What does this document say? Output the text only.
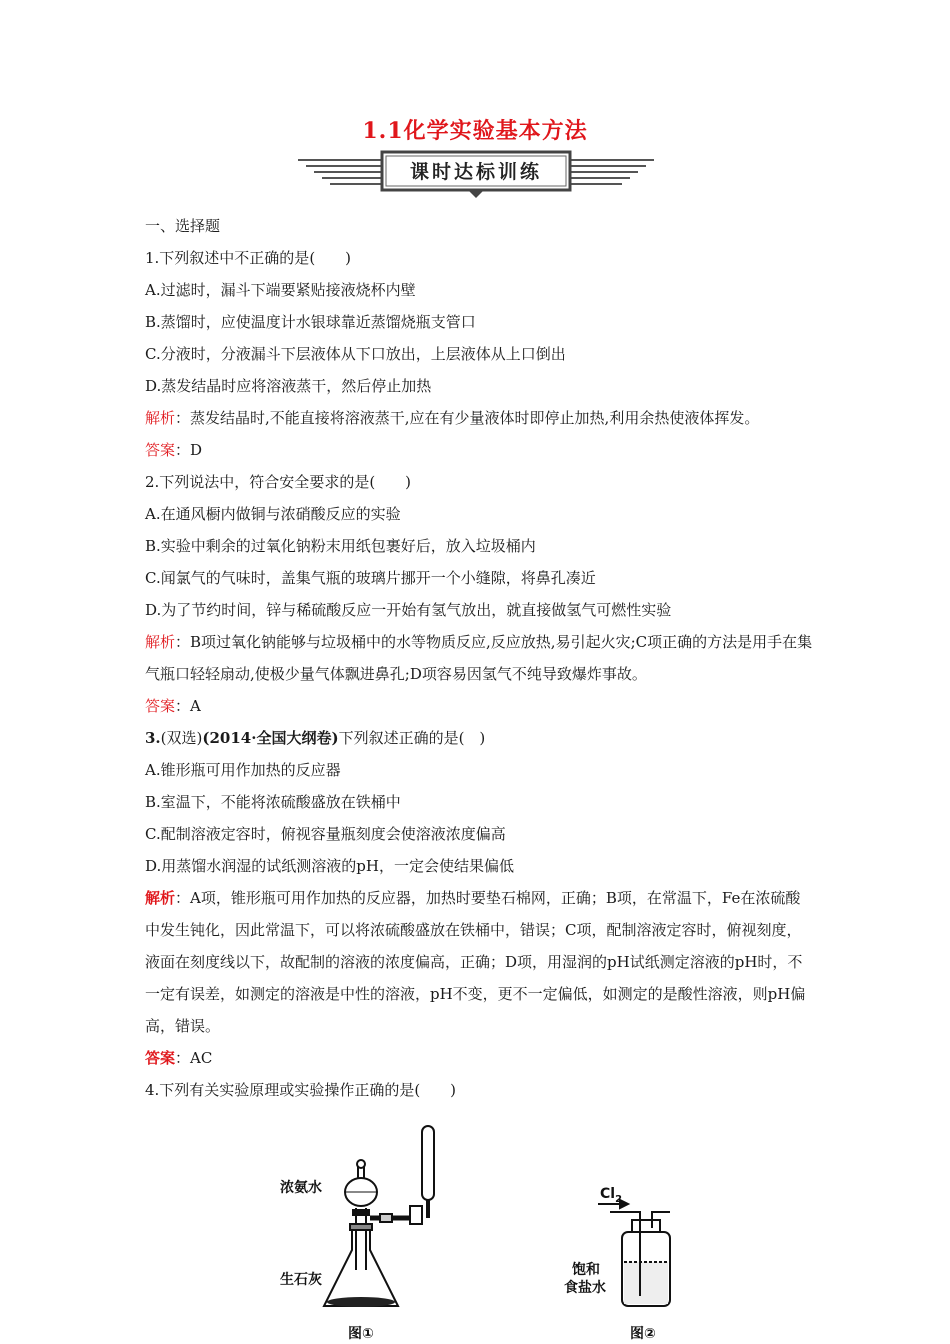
1.1化学实验基本方法
课时达标训练
一、选择题
1.下列叙述中不正确的是(　　)
A.过滤时，漏斗下端要紧贴接液烧杯内壁
B.蒸馏时，应使温度计水银球靠近蒸馏烧瓶支管口
C.分液时，分液漏斗下层液体从下口放出，上层液体从上口倒出
D.蒸发结晶时应将溶液蒸干，然后停止加热
解析：蒸发结晶时,不能直接将溶液蒸干,应在有少量液体时即停止加热,利用余热使液体挥发。
答案：D
2.下列说法中，符合安全要求的是(　　)
A.在通风橱内做铜与浓硝酸反应的实验
B.实验中剩余的过氧化钠粉末用纸包裹好后，放入垃圾桶内
C.闻氯气的气味时，盖集气瓶的玻璃片挪开一个小缝隙，将鼻孔凑近
D.为了节约时间，锌与稀硫酸反应一开始有氢气放出，就直接做氢气可燃性实验
解析：B项过氧化钠能够与垃圾桶中的水等物质反应,反应放热,易引起火灾;C项正确的方法是用手在集气瓶口轻轻扇动,使极少量气体飘进鼻孔;D项容易因氢气不纯导致爆炸事故。
答案：A
3.(双选)(2014·全国大纲卷)下列叙述正确的是(　)
A.锥形瓶可用作加热的反应器
B.室温下，不能将浓硫酸盛放在铁桶中
C.配制溶液定容时，俯视容量瓶刻度会使溶液浓度偏高
D.用蒸馏水润湿的试纸测溶液的pH，一定会使结果偏低
解析：A项，锥形瓶可用作加热的反应器，加热时要垫石棉网，正确；B项，在常温下，Fe在浓硫酸中发生钝化，因此常温下，可以将浓硫酸盛放在铁桶中，错误；C项，配制溶液定容时，俯视刻度，液面在刻度线以下，故配制的溶液的浓度偏高，正确；D项，用湿润的pH试纸测定溶液的pH时，不一定有误差，如测定的溶液是中性的溶液，pH不变，更不一定偏低，如测定的是酸性溶液，则pH偏高，错误。
答案：AC
4.下列有关实验原理或实验操作正确的是(　　)
浓氨水
生石灰
图①
$Cl_2$
饱和
食盐水
图②
